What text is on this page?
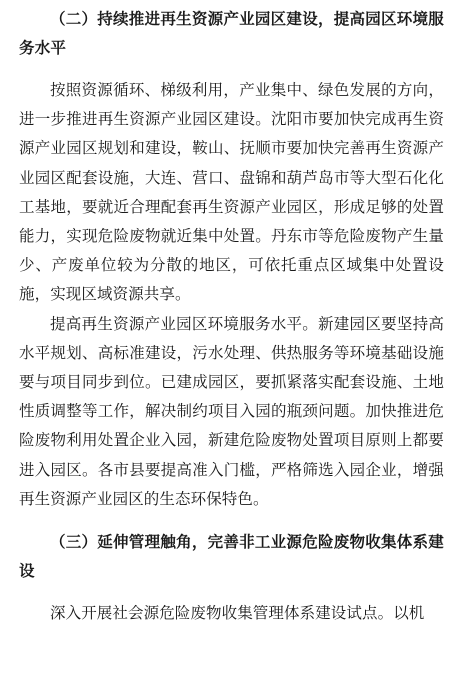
（二）持续推进再生资源产业园区建设，提高园区环境服务水平

按照资源循环、梯级利用，产业集中、绿色发展的方向，进一步推进再生资源产业园区建设。沈阳市要加快完成再生资源产业园区规划和建设，鞍山、抚顺市要加快完善再生资源产业园区配套设施，大连、营口、盘锦和葫芦岛市等大型石化化工基地，要就近合理配套再生资源产业园区，形成足够的处置能力，实现危险废物就近集中处置。丹东市等危险废物产生量少、产废单位较为分散的地区，可依托重点区域集中处置设施，实现区域资源共享。

提高再生资源产业园区环境服务水平。新建园区要坚持高水平规划、高标准建设，污水处理、供热服务等环境基础设施要与项目同步到位。已建成园区，要抓紧落实配套设施、土地性质调整等工作，解决制约项目入园的瓶颈问题。加快推进危险废物利用处置企业入园，新建危险废物处置项目原则上都要进入园区。各市县要提高准入门槛，严格筛选入园企业，增强再生资源产业园区的生态环保特色。

（三）延伸管理触角，完善非工业源危险废物收集体系建设

深入开展社会源危险废物收集管理体系建设试点。以机
